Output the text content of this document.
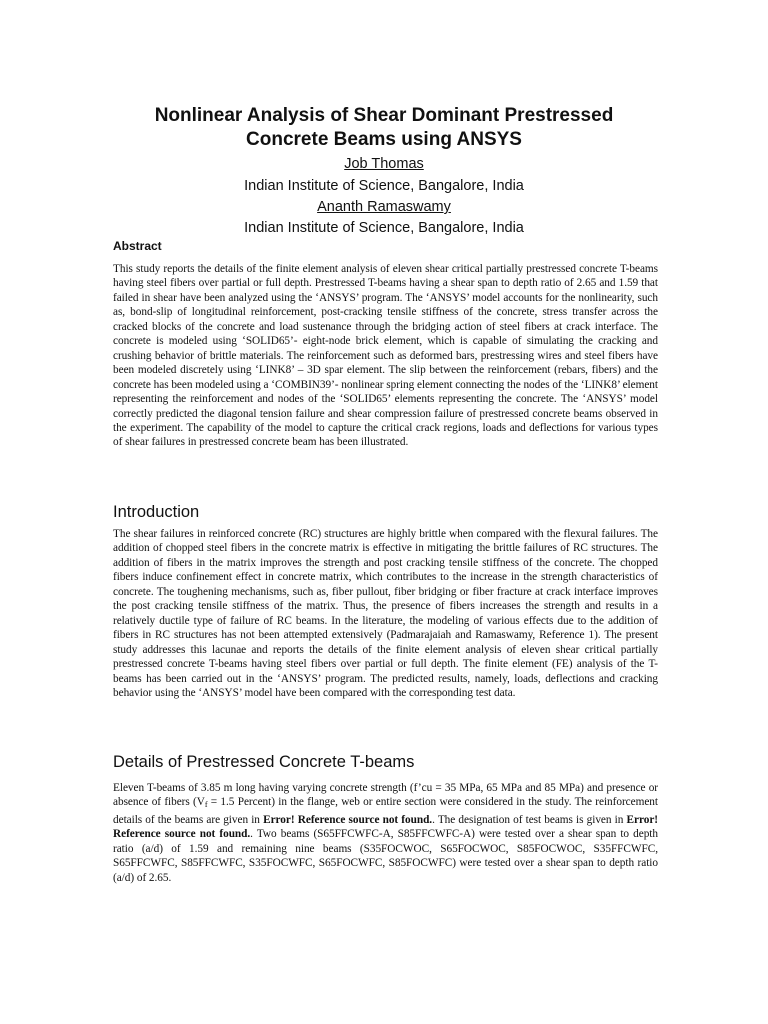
Nonlinear Analysis of Shear Dominant Prestressed
Concrete Beams using ANSYS

Job Thomas

Indian Institute of Science, Bangalore, India

Ananth Ramaswamy

Indian Institute of Science, Bangalore, India

Abstract

This study reports the details of the finite element analysis of eleven shear critical partially prestressed concrete T-beams having steel fibers over partial or full depth. Prestressed T-beams having a shear span to depth ratio of 2.65 and 1.59 that failed in shear have been analyzed using the ‘ANSYS’ program. The ‘ANSYS’ model accounts for the nonlinearity, such as, bond-slip of longitudinal reinforcement, post-cracking tensile stiffness of the concrete, stress transfer across the cracked blocks of the concrete and load sustenance through the bridging action of steel fibers at crack interface. The concrete is modeled using ‘SOLID65’- eight-node brick element, which is capable of simulating the cracking and crushing behavior of brittle materials. The reinforcement such as deformed bars, prestressing wires and steel fibers have been modeled discretely using ‘LINK8’ – 3D spar element. The slip between the reinforcement (rebars, fibers) and the concrete has been modeled using a ‘COMBIN39’- nonlinear spring element connecting the nodes of the ‘LINK8’ element representing the reinforcement and nodes of the ‘SOLID65’ elements representing the concrete. The ‘ANSYS’ model correctly predicted the diagonal tension failure and shear compression failure of prestressed concrete beams observed in the experiment. The capability of the model to capture the critical crack regions, loads and deflections for various types of shear failures in prestressed concrete beam has been illustrated.

Introduction

The shear failures in reinforced concrete (RC) structures are highly brittle when compared with the flexural failures. The addition of chopped steel fibers in the concrete matrix is effective in mitigating the brittle failures of RC structures. The addition of fibers in the matrix improves the strength and post cracking tensile stiffness of the concrete. The chopped fibers induce confinement effect in concrete matrix, which contributes to the increase in the strength characteristics of concrete. The toughening mechanisms, such as, fiber pullout, fiber bridging or fiber fracture at crack interface improves the post cracking tensile stiffness of the matrix. Thus, the presence of fibers increases the strength and results in a relatively ductile type of failure of RC beams. In the literature, the modeling of various effects due to the addition of fibers in RC structures has not been attempted extensively (Padmarajaiah and Ramaswamy, Reference 1). The present study addresses this lacunae and reports the details of the finite element analysis of eleven shear critical partially prestressed concrete T-beams having steel fibers over partial or full depth. The finite element (FE) analysis of the T-beams has been carried out in the ‘ANSYS’ program. The predicted results, namely, loads, deflections and cracking behavior using the ‘ANSYS’ model have been compared with the corresponding test data.

Details of Prestressed Concrete T-beams

Eleven T-beams of 3.85 m long having varying concrete strength (f’cu = 35 MPa, 65 MPa and 85 MPa) and presence or absence of fibers ($V_f = 1.5$ Percent) in the flange, web or entire section were considered in the study. The reinforcement details of the beams are given in Error! Reference source not found.. The designation of test beams is given in Error! Reference source not found.. Two beams (S65FFCWFC-A, S85FFCWFC-A) were tested over a shear span to depth ratio (a/d) of 1.59 and remaining nine beams (S35FOCWOC, S65FOCWOC, S85FOCWOC, S35FFCWFC, S65FFCWFC, S85FFCWFC, S35FOCWFC, S65FOCWFC, S85FOCWFC) were tested over a shear span to depth ratio (a/d) of 2.65.
